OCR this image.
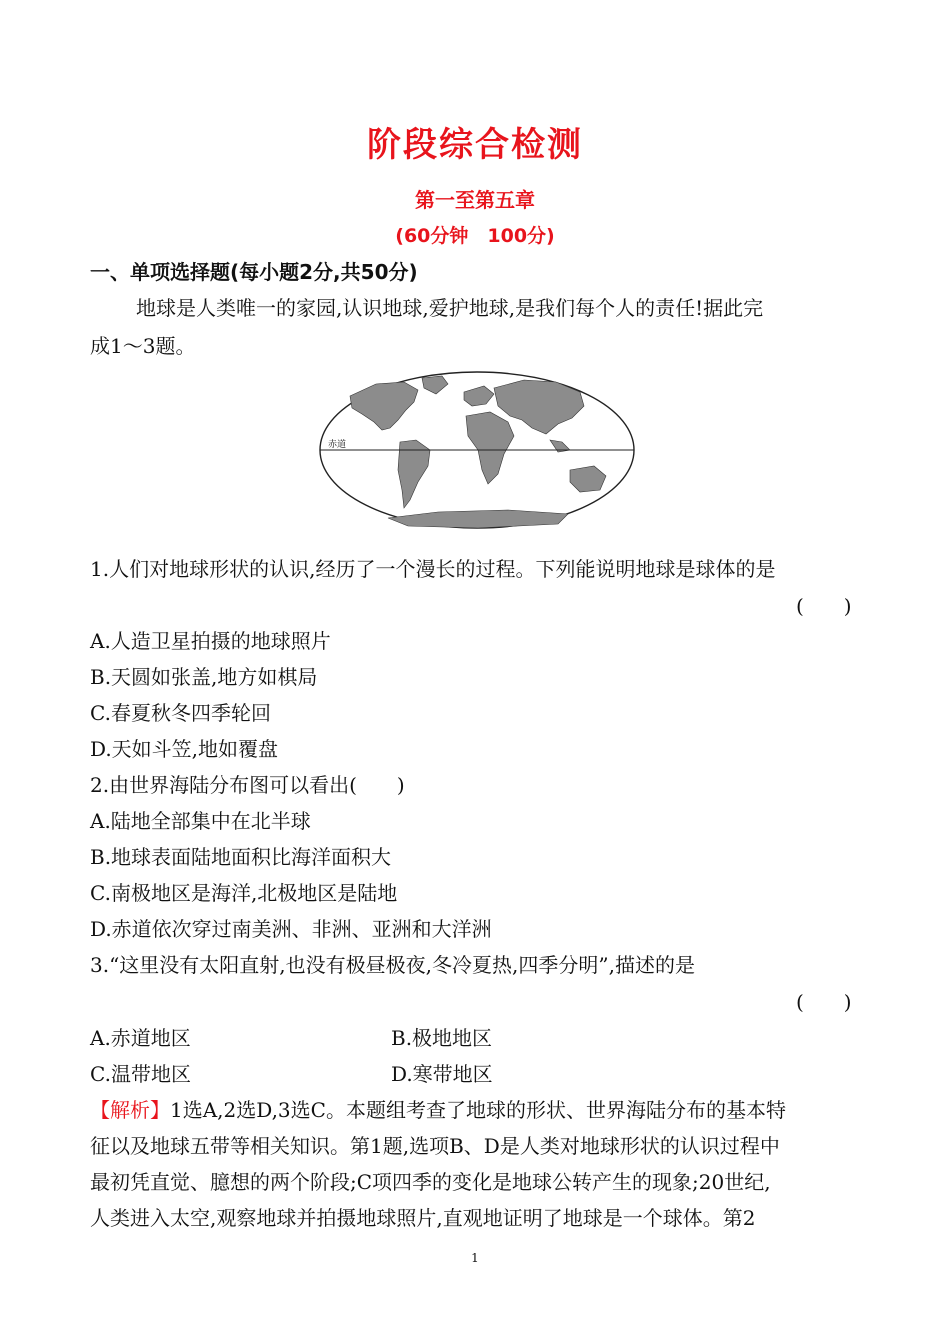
阶段综合检测
第一至第五章
(60分钟　100分)
一、单项选择题(每小题2分,共50分)
地球是人类唯一的家园,认识地球,爱护地球,是我们每个人的责任!据此完
成1～3题。
赤道
1.人们对地球形状的认识,经历了一个漫长的过程。下列能说明地球是球体的是
(　　)
A.人造卫星拍摄的地球照片
B.天圆如张盖,地方如棋局
C.春夏秋冬四季轮回
D.天如斗笠,地如覆盘
2.由世界海陆分布图可以看出(　　)
A.陆地全部集中在北半球
B.地球表面陆地面积比海洋面积大
C.南极地区是海洋,北极地区是陆地
D.赤道依次穿过南美洲、非洲、亚洲和大洋洲
3.“这里没有太阳直射,也没有极昼极夜,冬冷夏热,四季分明”,描述的是
(　　)
A.赤道地区	B.极地地区
C.温带地区	D.寒带地区
【解析】1选A,2选D,3选C。本题组考查了地球的形状、世界海陆分布的基本特
征以及地球五带等相关知识。第1题,选项B、D是人类对地球形状的认识过程中
最初凭直觉、臆想的两个阶段;C项四季的变化是地球公转产生的现象;20世纪,
人类进入太空,观察地球并拍摄地球照片,直观地证明了地球是一个球体。第2
1
